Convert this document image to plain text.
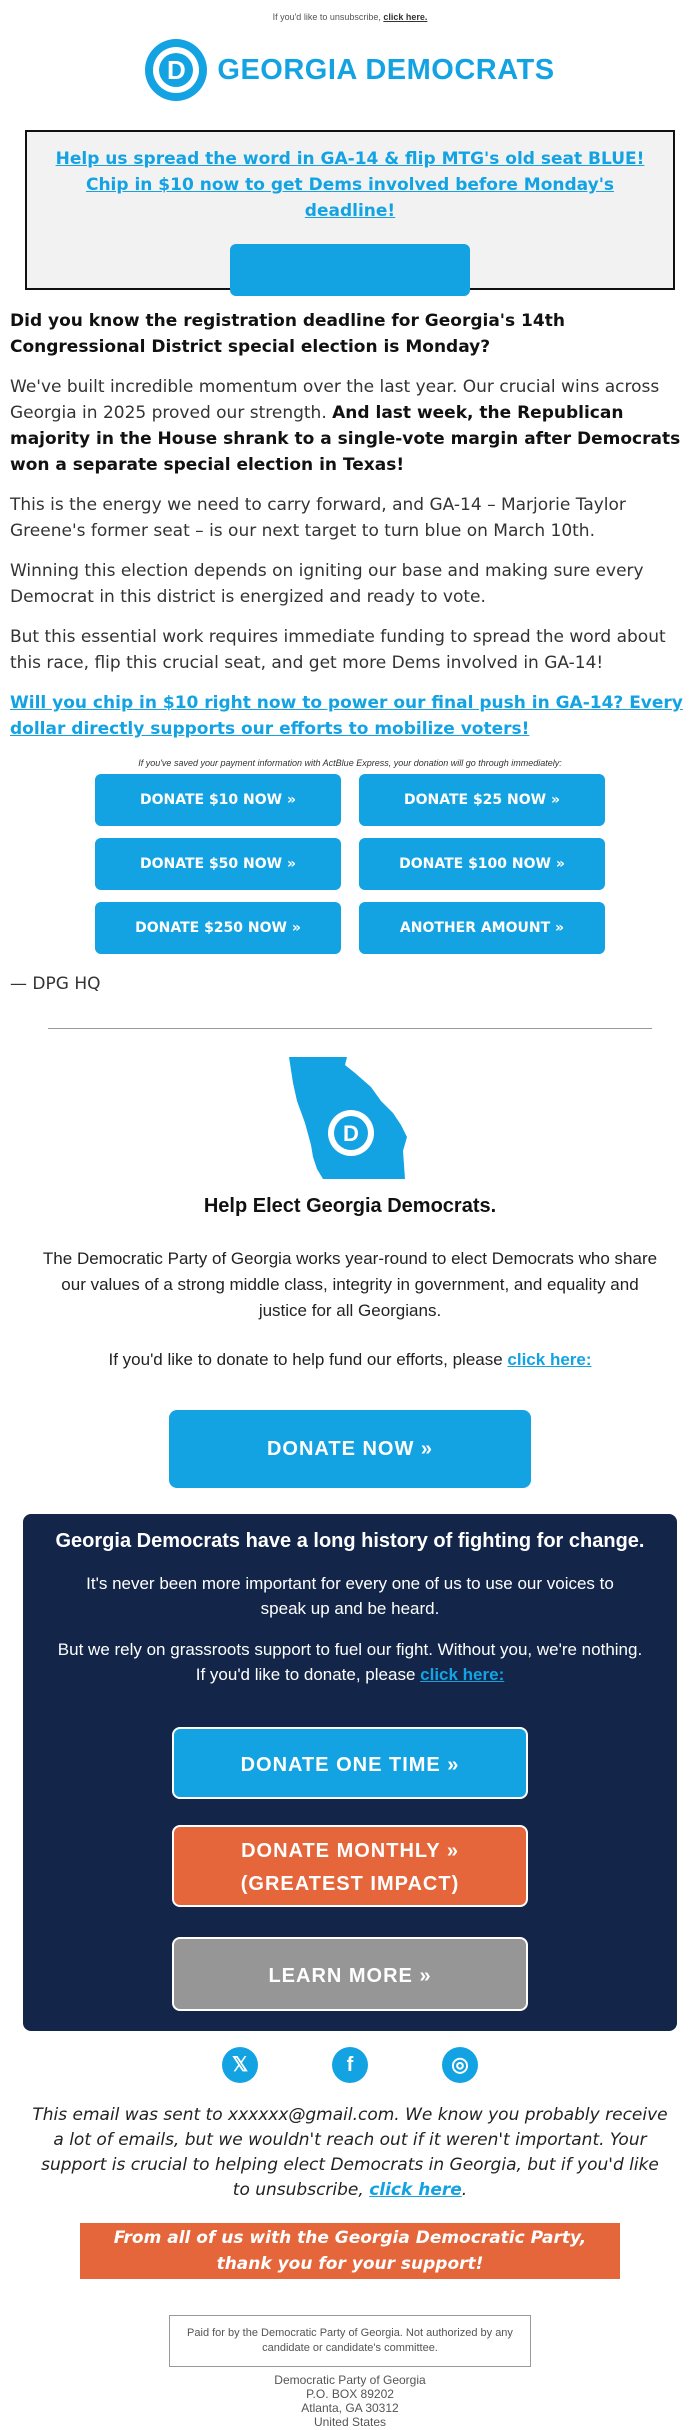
If you'd like to unsubscribe, click here.
D GEORGIA DEMOCRATS
Help us spread the word in GA-14 & flip MTG's old seat BLUE! Chip in $10 now to get Dems involved before Monday's deadline!
DONATE $10

Did you know the registration deadline for Georgia's 14th Congressional District special election is Monday?

We've built incredible momentum over the last year. Our crucial wins across Georgia in 2025 proved our strength. And last week, the Republican majority in the House shrank to a single-vote margin after Democrats won a separate special election in Texas!

This is the energy we need to carry forward, and GA-14 – Marjorie Taylor Greene's former seat – is our next target to turn blue on March 10th.

Winning this election depends on igniting our base and making sure every Democrat in this district is energized and ready to vote.

But this essential work requires immediate funding to spread the word about this race, flip this crucial seat, and get more Dems involved in GA-14!

Will you chip in $10 right now to power our final push in GA-14? Every dollar directly supports our efforts to mobilize voters!

If you've saved your payment information with ActBlue Express, your donation will go through immediately:
DONATE $10 NOW »	DONATE $25 NOW »
DONATE $50 NOW »	DONATE $100 NOW »
DONATE $250 NOW »	ANOTHER AMOUNT »
— DPG HQ
D
Help Elect Georgia Democrats.
The Democratic Party of Georgia works year-round to elect Democrats who share our values of a strong middle class, integrity in government, and equality and justice for all Georgians.
If you'd like to donate to help fund our efforts, please click here:
DONATE NOW »
Georgia Democrats have a long history of fighting for change.
It's never been more important for every one of us to use our voices to speak up and be heard.
But we rely on grassroots support to fuel our fight. Without you, we're nothing.
If you'd like to donate, please click here:
DONATE ONE TIME »
DONATE MONTHLY »
(GREATEST IMPACT)
LEARN MORE »
𝕏	f	◎
This email was sent to xxxxxx@gmail.com. We know you probably receive a lot of emails, but we wouldn't reach out if it weren't important. Your support is crucial to helping elect Democrats in Georgia, but if you'd like to unsubscribe, click here.
From all of us with the Georgia Democratic Party, thank you for your support!
Paid for by the Democratic Party of Georgia. Not authorized by any candidate or candidate's committee.
Democratic Party of Georgia
P.O. BOX 89202
Atlanta, GA 30312
United States
